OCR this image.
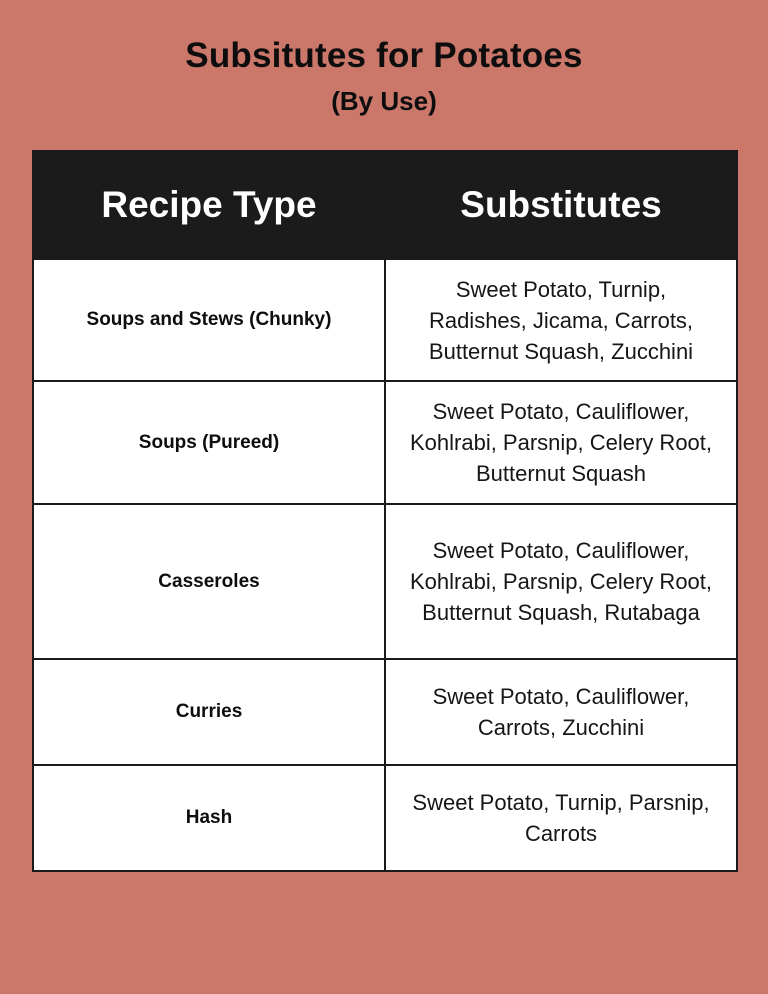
Subsitutes for Potatoes
(By Use)
Recipe Type	Substitutes
Soups and Stews (Chunky)	Sweet Potato, Turnip, Radishes, Jicama, Carrots, Butternut Squash, Zucchini
Soups (Pureed)	Sweet Potato, Cauliflower, Kohlrabi, Parsnip, Celery Root, Butternut Squash
Casseroles	Sweet Potato, Cauliflower, Kohlrabi, Parsnip, Celery Root, Butternut Squash, Rutabaga
Curries	Sweet Potato, Cauliflower, Carrots, Zucchini
Hash	Sweet Potato, Turnip, Parsnip, Carrots
